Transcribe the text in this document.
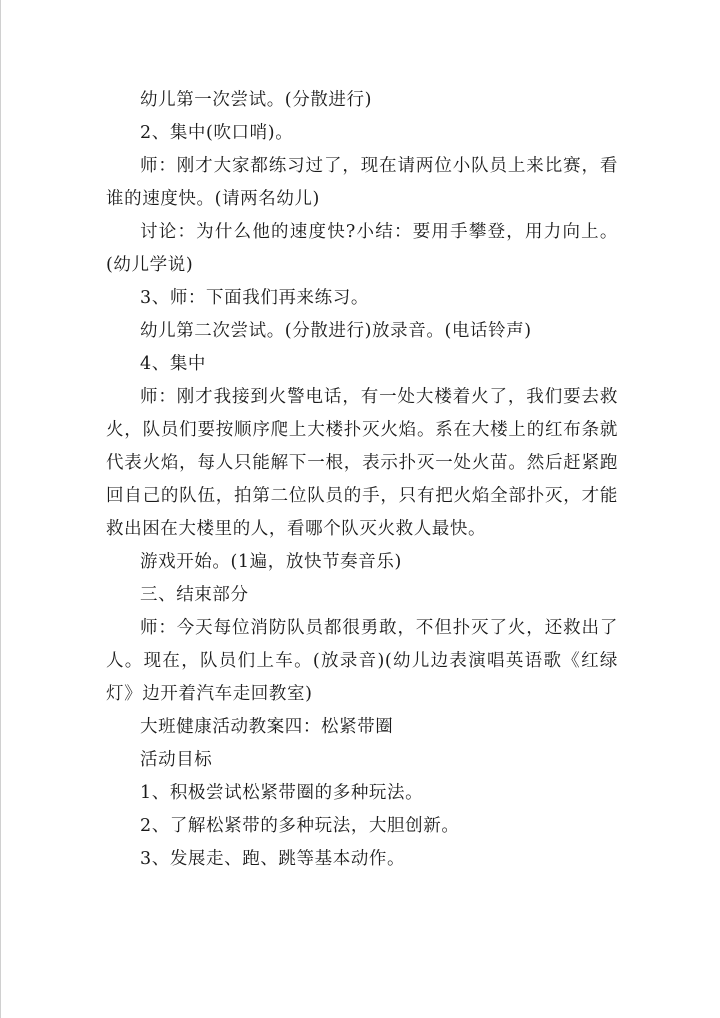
幼儿第一次尝试。(分散进行)

2、集中(吹口哨)。

师：刚才大家都练习过了，现在请两位小队员上来比赛，看谁的速度快。(请两名幼儿)

讨论：为什么他的速度快?小结：要用手攀登，用力向上。(幼儿学说)

3、师：下面我们再来练习。

幼儿第二次尝试。(分散进行)放录音。(电话铃声)

4、集中

师：刚才我接到火警电话，有一处大楼着火了，我们要去救火，队员们要按顺序爬上大楼扑灭火焰。系在大楼上的红布条就代表火焰，每人只能解下一根，表示扑灭一处火苗。然后赶紧跑回自己的队伍，拍第二位队员的手，只有把火焰全部扑灭，才能救出困在大楼里的人，看哪个队灭火救人最快。

游戏开始。(1遍，放快节奏音乐)

三、结束部分

师：今天每位消防队员都很勇敢，不但扑灭了火，还救出了人。现在，队员们上车。(放录音)(幼儿边表演唱英语歌《红绿灯》边开着汽车走回教室)

大班健康活动教案四：松紧带圈

活动目标

1、积极尝试松紧带圈的多种玩法。

2、了解松紧带的多种玩法，大胆创新。

3、发展走、跑、跳等基本动作。
